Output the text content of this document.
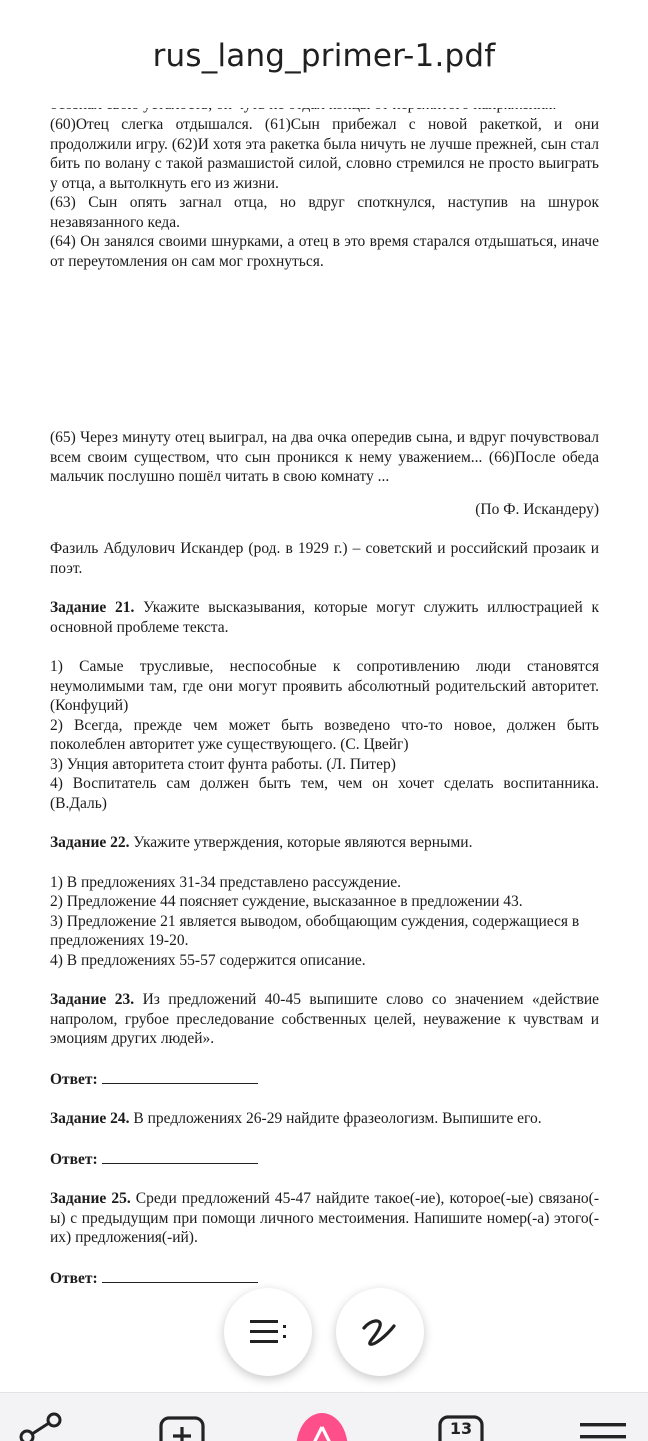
rus_lang_primer-1.pdf

(60)Отец слегка отдышался. (61)Сын прибежал с новой ракеткой, и они продолжили игру. (62)И хотя эта ракетка была ничуть не лучше прежней, сын стал бить по волану с такой размашистой силой, словно стремился не просто выиграть у отца, а вытолкнуть его из жизни.

(63) Сын опять загнал отца, но вдруг споткнулся, наступив на шнурок незавязанного кеда.

(64) Он занялся своими шнурками, а отец в это время старался отдышаться, иначе от переутомления он сам мог грохнуться.

(65) Через минуту отец выиграл, на два очка опередив сына, и вдруг почувствовал всем своим существом, что сын проникся к нему уважением... (66)После обеда мальчик послушно пошёл читать в свою комнату ...

(По Ф. Искандеру)

Фазиль Абдулович Искандер (род. в 1929 г.) – советский и российский прозаик и поэт.

Задание 21. Укажите высказывания, которые могут служить иллюстрацией к основной проблеме текста.

1) Самые трусливые, неспособные к сопротивлению люди становятся неумолимыми там, где они могут проявить абсолютный родительский авторитет. (Конфуций)

2) Всегда, прежде чем может быть возведено что-то новое, должен быть поколеблен авторитет уже существующего. (С. Цвейг)

3) Унция авторитета стоит фунта работы. (Л. Питер)

4) Воспитатель сам должен быть тем, чем он хочет сделать воспитанника. (В.Даль)

Задание 22. Укажите утверждения, которые являются верными.

1) В предложениях 31-34 представлено рассуждение.

2) Предложение 44 поясняет суждение, высказанное в предложении 43.

3) Предложение 21 является выводом, обобщающим суждения, содержащиеся в предложениях 19-20.

4) В предложениях 55-57 содержится описание.

Задание 23. Из предложений 40-45 выпишите слово со значением «действие напролом, грубое преследование собственных целей, неуважение к чувствам и эмоциям других людей».

Ответ:

Задание 24. В предложениях 26-29 найдите фразеологизм. Выпишите его.

Ответ:

Задание 25. Среди предложений 45-47 найдите такое(-ие), которое(-ые) связано(-ы) с предыдущим при помощи личного местоимения. Напишите номер(-а) этого(-их) предложения(-ий).

Ответ:

13
